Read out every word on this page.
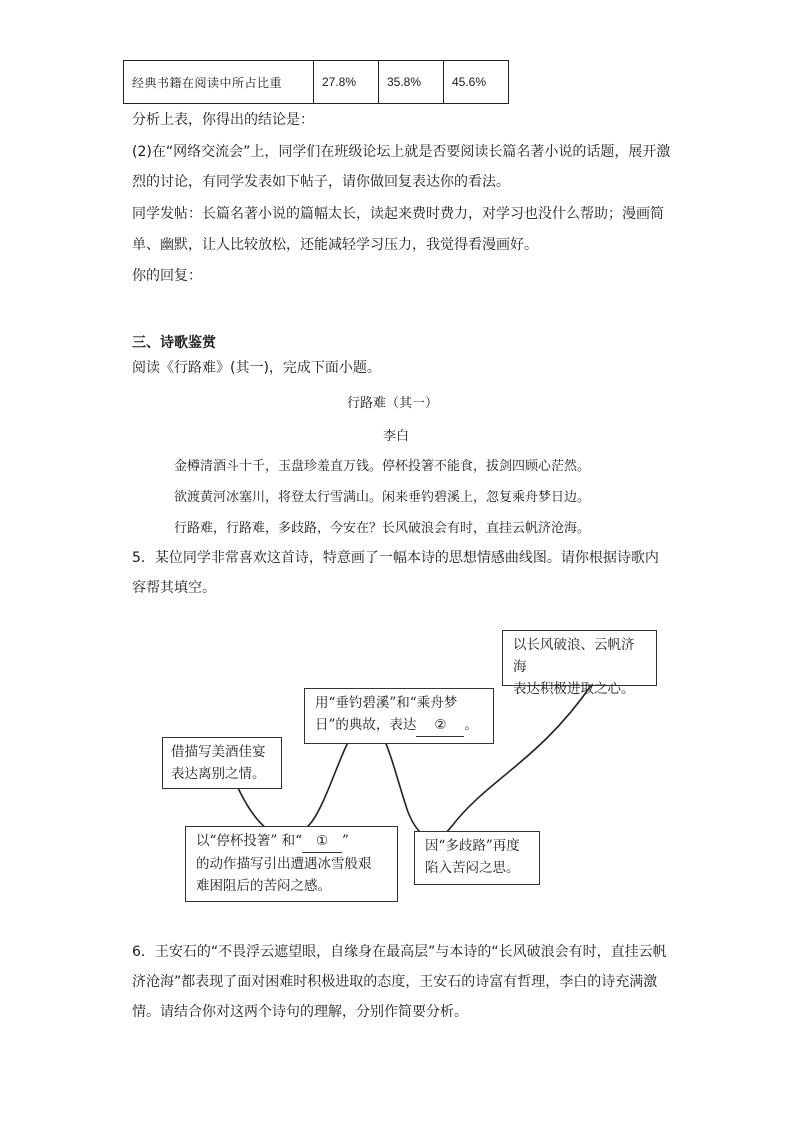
经典书籍在阅读中所占比重	27.8%	35.8%	45.6%
分析上表，你得出的结论是：
(2)在“网络交流会”上，同学们在班级论坛上就是否要阅读长篇名著小说的话题，展开激
烈的讨论，有同学发表如下帖子，请你做回复表达你的看法。
同学发帖：长篇名著小说的篇幅太长，读起来费时费力，对学习也没什么帮助；漫画简
单、幽默，让人比较放松，还能减轻学习压力，我觉得看漫画好。
你的回复：
三、诗歌鉴赏
阅读《行路难》(其一)，完成下面小题。
行路难（其一）
李白
金樽清酒斗十千，玉盘珍羞直万钱。停杯投箸不能食，拔剑四顾心茫然。
欲渡黄河冰塞川，将登太行雪满山。闲来垂钓碧溪上，忽复乘舟梦日边。
行路难，行路难，多歧路，今安在？长风破浪会有时，直挂云帆济沧海。
5．某位同学非常喜欢这首诗，特意画了一幅本诗的思想情感曲线图。请你根据诗歌内
容帮其填空。
借描写美酒佳宴
表达离别之情。
用“垂钓碧溪”和“乘舟梦
日”的典故，表达 ② 。
以长风破浪、云帆济海
表达积极进取之心。
以“停杯投箸” 和“ ① ”
的动作描写引出遭遇冰雪般艰
难困阻后的苦闷之感。
因“多歧路”再度
陷入苦闷之思。
6．王安石的“不畏浮云遮望眼，自缘身在最高层”与本诗的“长风破浪会有时，直挂云帆
济沧海”都表现了面对困难时积极进取的态度，王安石的诗富有哲理，李白的诗充满激
情。请结合你对这两个诗句的理解，分别作简要分析。
